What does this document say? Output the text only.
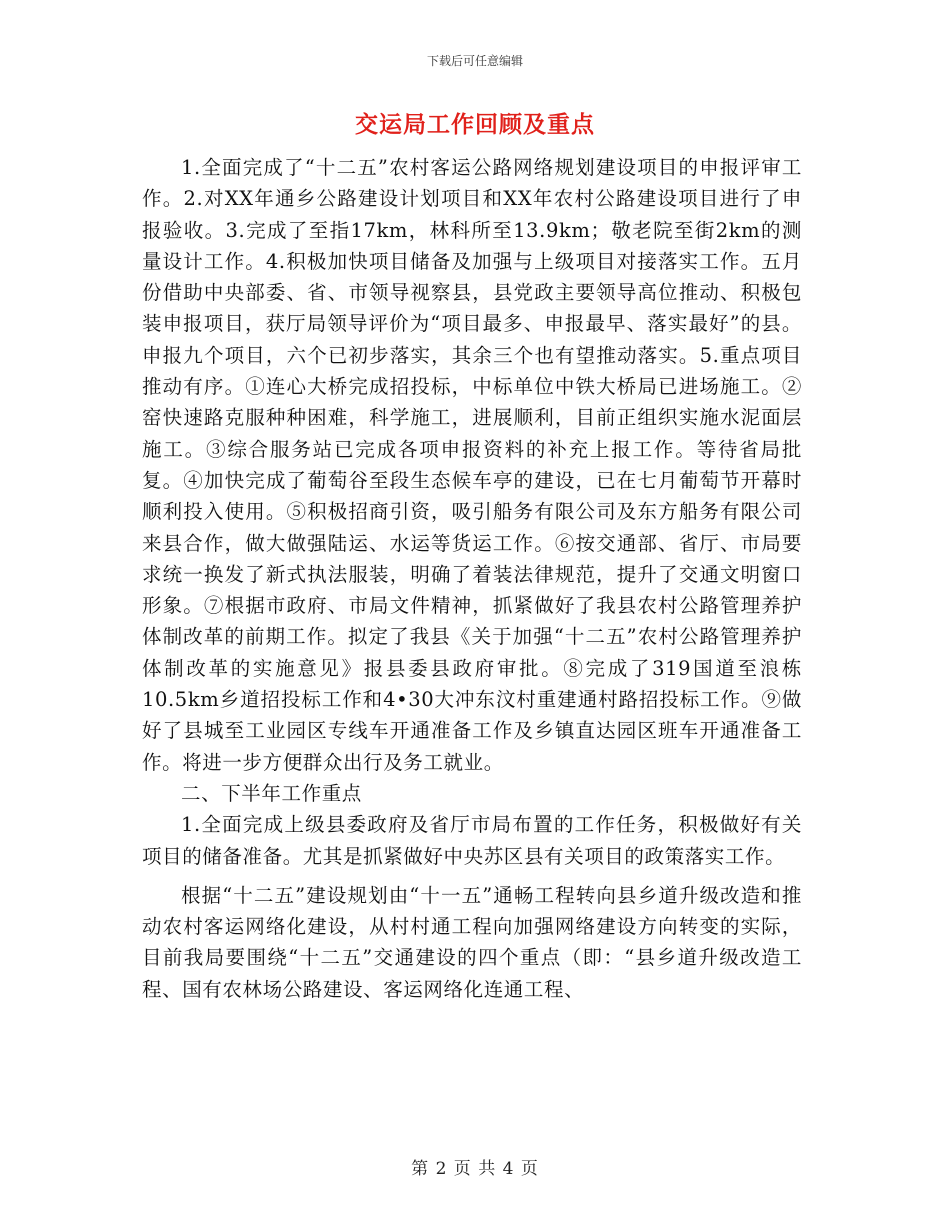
下载后可任意编辑
交运局工作回顾及重点

1.全面完成了“十二五”农村客运公路网络规划建设项目的申报评审工作。2.对XX年通乡公路建设计划项目和XX年农村公路建设项目进行了申报验收。3.完成了至指17km，林科所至13.9km；敬老院至街2km的测量设计工作。4.积极加快项目储备及加强与上级项目对接落实工作。五月份借助中央部委、省、市领导视察县，县党政主要领导高位推动、积极包装申报项目，获厅局领导评价为“项目最多、申报最早、落实最好”的县。申报九个项目，六个已初步落实，其余三个也有望推动落实。5.重点项目推动有序。①连心大桥完成招投标，中标单位中铁大桥局已进场施工。②窑快速路克服种种困难，科学施工，进展顺利，目前正组织实施水泥面层施工。③综合服务站已完成各项申报资料的补充上报工作。等待省局批复。④加快完成了葡萄谷至段生态候车亭的建设，已在七月葡萄节开幕时顺利投入使用。⑤积极招商引资，吸引船务有限公司及东方船务有限公司来县合作，做大做强陆运、水运等货运工作。⑥按交通部、省厅、市局要求统一换发了新式执法服装，明确了着装法律规范，提升了交通文明窗口形象。⑦根据市政府、市局文件精神，抓紧做好了我县农村公路管理养护体制改革的前期工作。拟定了我县《关于加强“十二五”农村公路管理养护体制改革的实施意见》报县委县政府审批。⑧完成了319国道至浪栋10.5km乡道招投标工作和4•30大冲东汶村重建通村路招投标工作。⑨做好了县城至工业园区专线车开通准备工作及乡镇直达园区班车开通准备工作。将进一步方便群众出行及务工就业。

二、下半年工作重点

1.全面完成上级县委政府及省厅市局布置的工作任务，积极做好有关项目的储备准备。尤其是抓紧做好中央苏区县有关项目的政策落实工作。

根据“十二五”建设规划由“十一五”通畅工程转向县乡道升级改造和推动农村客运网络化建设，从村村通工程向加强网络建设方向转变的实际，目前我局要围绕“十二五”交通建设的四个重点（即：“县乡道升级改造工程、国有农林场公路建设、客运网络化连通工程、

第 2 页 共 4 页
